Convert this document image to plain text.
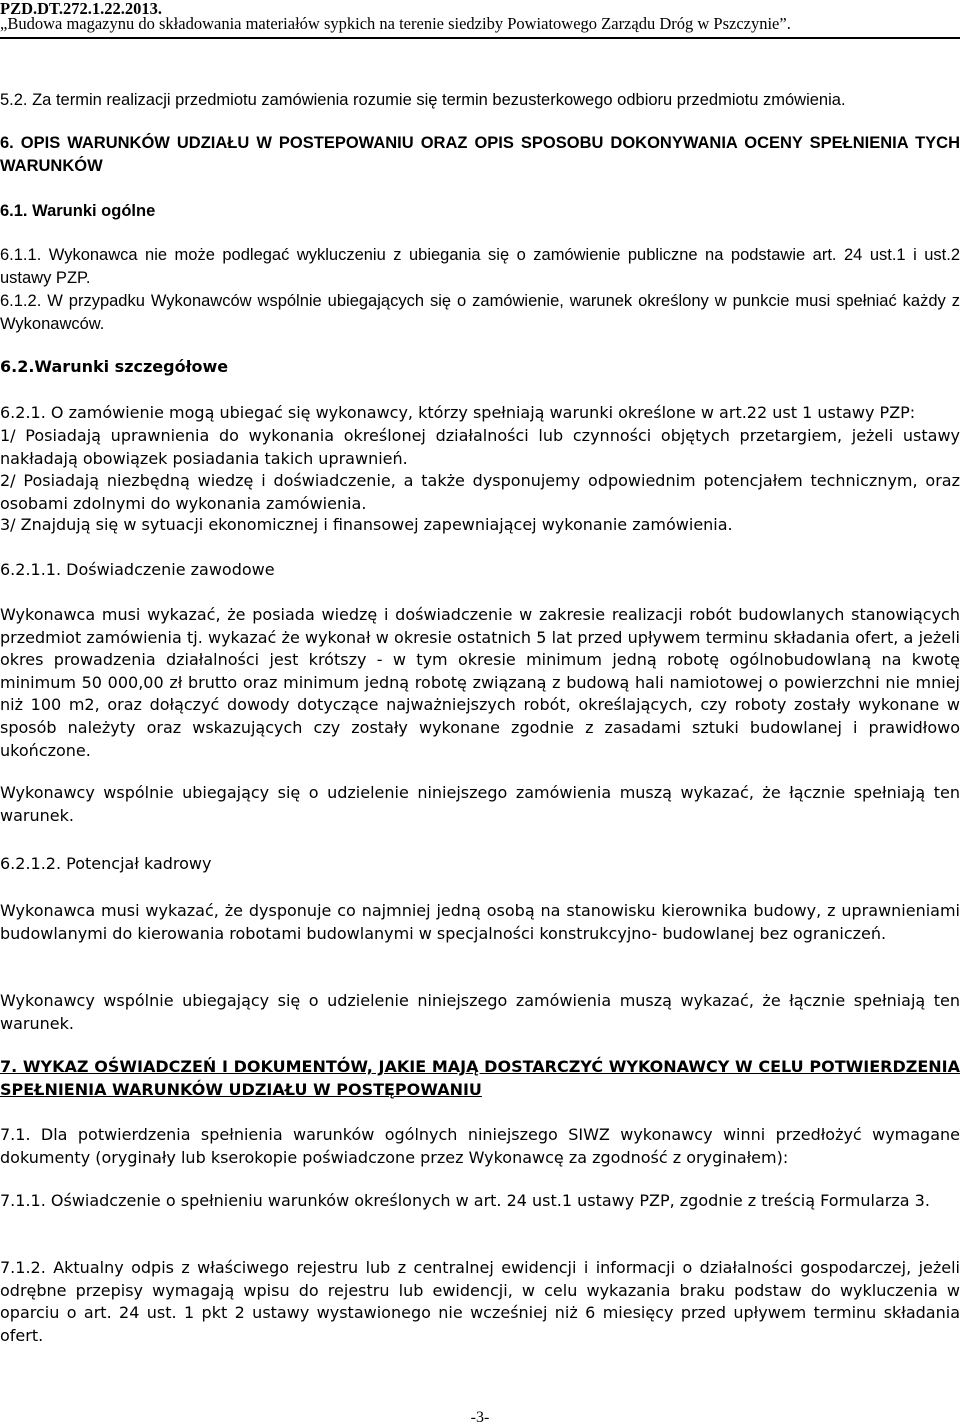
PZD.DT.272.1.22.2013.
„Budowa magazynu do składowania materiałów sypkich na terenie siedziby Powiatowego Zarządu Dróg w Pszczynie”.

5.2. Za termin realizacji przedmiotu zamówienia rozumie się termin bezusterkowego odbioru przedmiotu zmówienia.

6. OPIS WARUNKÓW UDZIAŁU W POSTEPOWANIU ORAZ OPIS SPOSOBU DOKONYWANIA OCENY SPEŁNIENIA TYCH WARUNKÓW

6.1. Warunki ogólne

6.1.1. Wykonawca nie może podlegać wykluczeniu z ubiegania się o zamówienie publiczne na podstawie art. 24 ust.1 i ust.2 ustawy PZP.

6.1.2. W przypadku Wykonawców wspólnie ubiegających się o zamówienie, warunek określony w punkcie musi spełniać każdy z Wykonawców.

6.2.Warunki szczegółowe

6.2.1. O zamówienie mogą ubiegać się wykonawcy, którzy spełniają warunki określone w art.22 ust 1 ustawy PZP:

1/ Posiadają uprawnienia do wykonania określonej działalności lub czynności objętych przetargiem, jeżeli ustawy nakładają obowiązek posiadania takich uprawnień.

2/ Posiadają niezbędną wiedzę i doświadczenie, a także dysponujemy odpowiednim potencjałem technicznym, oraz osobami zdolnymi do wykonania zamówienia.

3/ Znajdują się w sytuacji ekonomicznej i finansowej zapewniającej wykonanie zamówienia.

6.2.1.1. Doświadczenie zawodowe

Wykonawca musi wykazać, że posiada wiedzę i doświadczenie w zakresie realizacji robót budowlanych stanowiących przedmiot zamówienia tj. wykazać że wykonał w okresie ostatnich 5 lat przed upływem terminu składania ofert, a jeżeli okres prowadzenia działalności jest krótszy - w tym okresie minimum jedną robotę ogólnobudowlaną na kwotę minimum 50 000,00 zł brutto oraz minimum jedną robotę związaną z budową hali namiotowej o powierzchni nie mniej niż 100 m2, oraz dołączyć dowody dotyczące najważniejszych robót, określających, czy roboty zostały wykonane w sposób należyty oraz wskazujących czy zostały wykonane zgodnie z zasadami sztuki budowlanej i prawidłowo ukończone.

Wykonawcy wspólnie ubiegający się o udzielenie niniejszego zamówienia muszą wykazać, że łącznie spełniają ten warunek.

6.2.1.2. Potencjał kadrowy

Wykonawca musi wykazać, że dysponuje co najmniej jedną osobą na stanowisku kierownika budowy, z uprawnieniami budowlanymi do kierowania robotami budowlanymi w specjalności konstrukcyjno- budowlanej bez ograniczeń.

Wykonawcy wspólnie ubiegający się o udzielenie niniejszego zamówienia muszą wykazać, że łącznie spełniają ten warunek.

7. WYKAZ OŚWIADCZEŃ I DOKUMENTÓW, JAKIE MAJĄ DOSTARCZYĆ WYKONAWCY W CELU POTWIERDZENIA SPEŁNIENIA WARUNKÓW UDZIAŁU W POSTĘPOWANIU

7.1. Dla potwierdzenia spełnienia warunków ogólnych niniejszego SIWZ wykonawcy winni przedłożyć wymagane dokumenty (oryginały lub kserokopie poświadczone przez Wykonawcę za zgodność z oryginałem):

7.1.1. Oświadczenie o spełnieniu warunków określonych w art. 24 ust.1 ustawy PZP, zgodnie z treścią Formularza 3.

7.1.2. Aktualny odpis z właściwego rejestru lub z centralnej ewidencji i informacji o działalności gospodarczej, jeżeli odrębne przepisy wymagają wpisu do rejestru lub ewidencji, w celu wykazania braku podstaw do wykluczenia w oparciu o art. 24 ust. 1 pkt 2 ustawy wystawionego nie wcześniej niż 6 miesięcy przed upływem terminu składania ofert.

-3-
